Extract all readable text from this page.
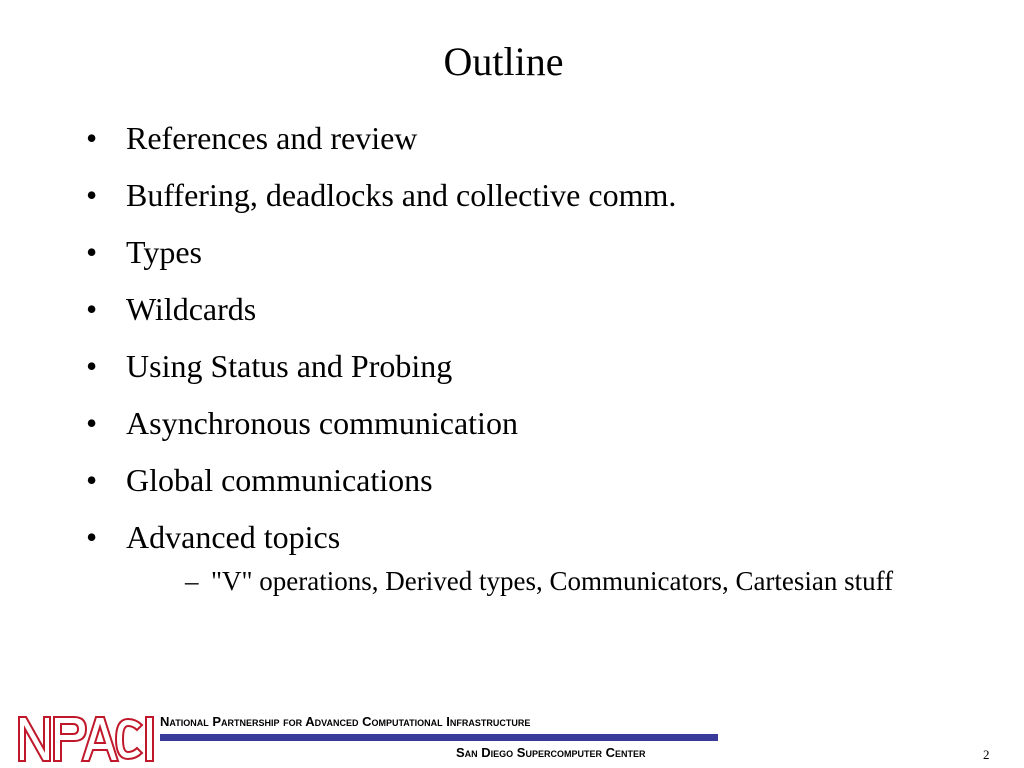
Outline
• References and review
• Buffering, deadlocks and collective comm.
• Types
• Wildcards
• Using Status and Probing
• Asynchronous communication
• Global communications
• Advanced topics
– "V" operations, Derived types, Communicators, Cartesian stuff
National Partnership for Advanced Computational Infrastructure
San Diego Supercomputer Center	2
